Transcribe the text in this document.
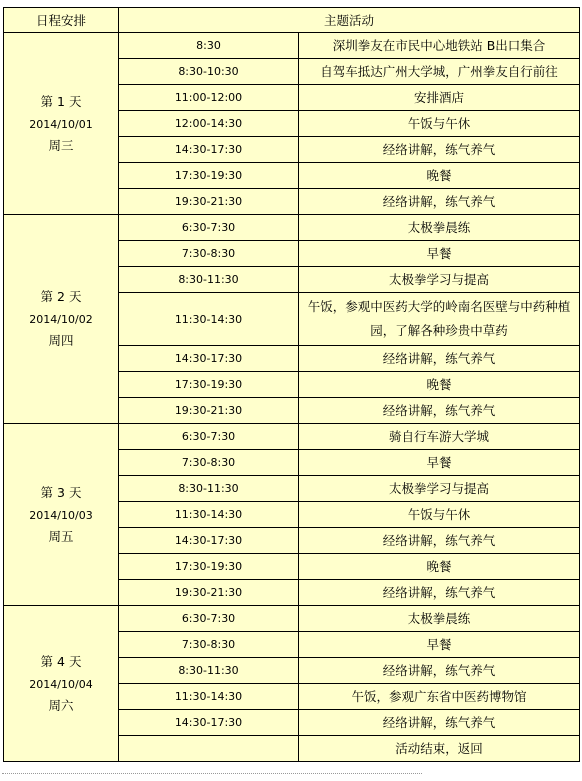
日程安排	主题活动	

第 1 天
2014/10/01
周三	8:30	深圳拳友在市民中心地铁站 B出口集合
	8:30-10:30	自驾车抵达广州大学城，广州拳友自行前往
	11:00-12:00	安排酒店
	12:00-14:30	午饭与午休
	14:30-17:30	经络讲解，练气养气
	17:30-19:30	晚餐
	19:30-21:30	经络讲解，练气养气

第 2 天
2014/10/02
周四	6:30-7:30	太极拳晨练
	7:30-8:30	早餐
	8:30-11:30	太极拳学习与提高
	11:30-14:30	午饭，参观中医药大学的岭南名医壁与中药种植园，了解各种珍贵中草药
	14:30-17:30	经络讲解，练气养气
	17:30-19:30	晚餐
	19:30-21:30	经络讲解，练气养气

第 3 天
2014/10/03
周五	6:30-7:30	骑自行车游大学城
	7:30-8:30	早餐
	8:30-11:30	太极拳学习与提高
	11:30-14:30	午饭与午休
	14:30-17:30	经络讲解，练气养气
	17:30-19:30	晚餐
	19:30-21:30	经络讲解，练气养气

第 4 天
2014/10/04
周六	6:30-7:30	太极拳晨练
	7:30-8:30	早餐
	8:30-11:30	经络讲解，练气养气
	11:30-14:30	午饭，参观广东省中医药博物馆
	14:30-17:30	经络讲解，练气养气
		活动结束，返回
